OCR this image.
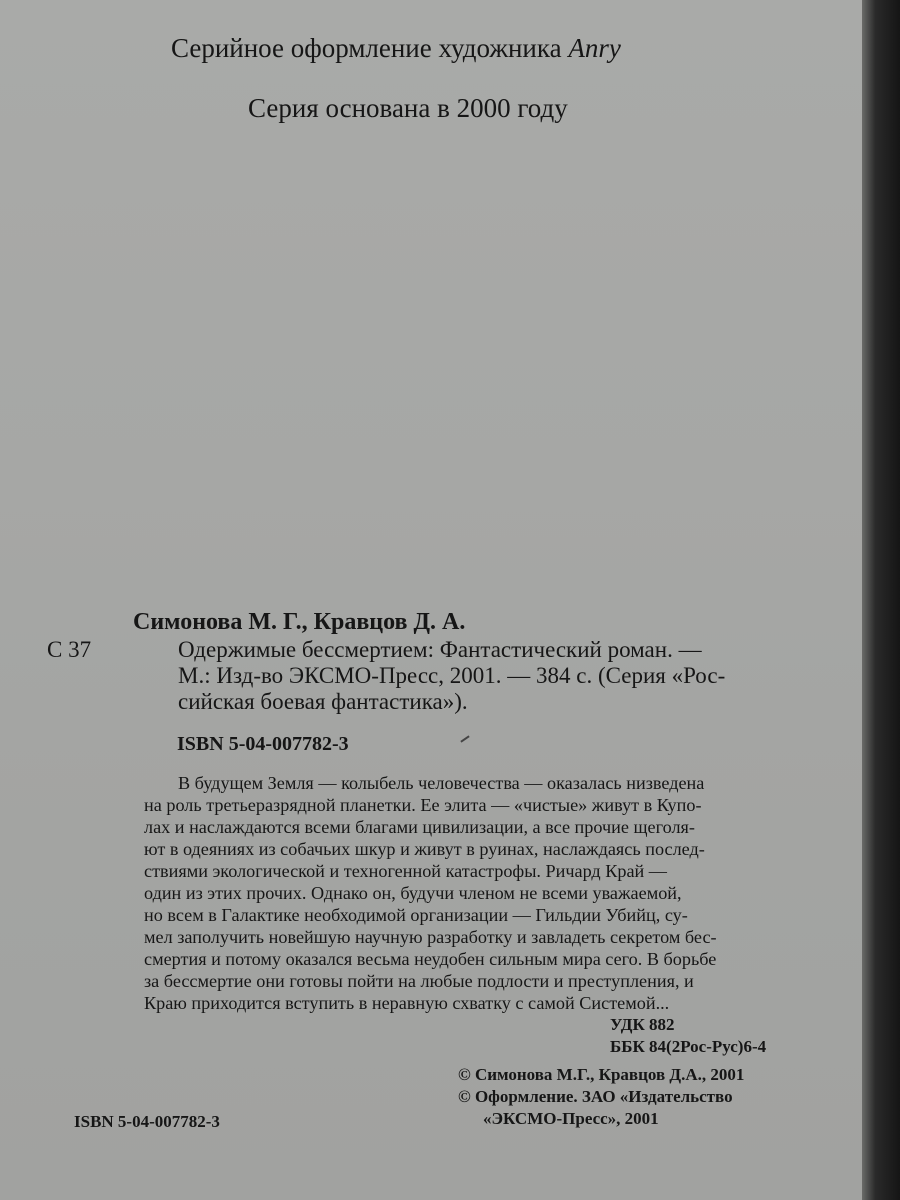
Серийное оформление художника Anry
Серия основана в 2000 году
Симонова М. Г., Кравцов Д. А.
С 37	Одержимые бессмертием: Фантастический роман. —
М.: Изд-во ЭКСМО-Пресс, 2001. — 384 с. (Серия «Рос-
сийская боевая фантастика»).
ISBN 5-04-007782-3
В будущем Земля — колыбель человечества — оказалась низведена
на роль третьеразрядной планетки. Ее элита — «чистые» живут в Купо-
лах и наслаждаются всеми благами цивилизации, а все прочие щеголя-
ют в одеяниях из собачьих шкур и живут в руинах, наслаждаясь послед-
ствиями экологической и техногенной катастрофы. Ричард Край —
один из этих прочих. Однако он, будучи членом не всеми уважаемой,
но всем в Галактике необходимой организации — Гильдии Убийц, су-
мел заполучить новейшую научную разработку и завладеть секретом бес-
смертия и потому оказался весьма неудобен сильным мира сего. В борьбе
за бессмертие они готовы пойти на любые подлости и преступления, и
Краю приходится вступить в неравную схватку с самой Системой...
УДК 882
ББК 84(2Рос-Рус)6-4
© Симонова М.Г., Кравцов Д.А., 2001
© Оформление. ЗАО «Издательство
«ЭКСМО-Пресс», 2001
ISBN 5-04-007782-3
